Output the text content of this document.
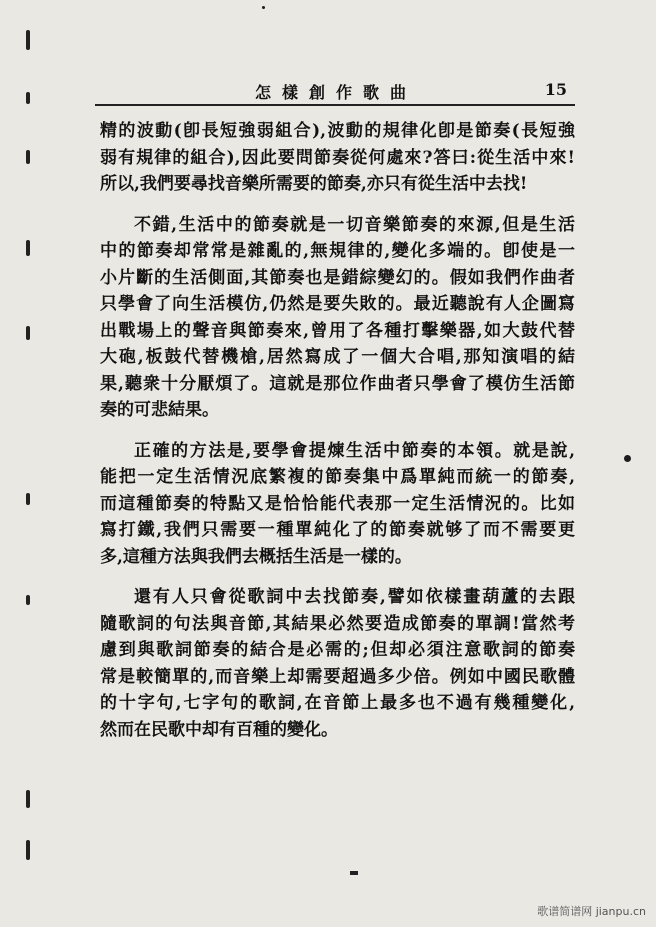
怎樣創作歌曲	15
精的波動(卽長短強弱組合),波動的規律化卽是節奏(長短強
弱有規律的組合),因此要問節奏從何處來?答曰:從生活中來!
所以,我們要尋找音樂所需要的節奏,亦只有從生活中去找!
不錯,生活中的節奏就是一切音樂節奏的來源,但是生活
中的節奏却常常是雜亂的,無規律的,變化多端的。卽使是一
小片斷的生活側面,其節奏也是錯綜變幻的。假如我們作曲者
只學會了向生活模仿,仍然是要失敗的。最近聽說有人企圖寫
出戰場上的聲音與節奏來,曾用了各種打擊樂器,如大鼓代替
大砲,板鼓代替機槍,居然寫成了一個大合唱,那知演唱的結
果,聽衆十分厭煩了。這就是那位作曲者只學會了模仿生活節
奏的可悲結果。
正確的方法是,要學會提煉生活中節奏的本領。就是說,
能把一定生活情況底繁複的節奏集中爲單純而統一的節奏,
而這種節奏的特點又是恰恰能代表那一定生活情況的。比如
寫打鐵,我們只需要一種單純化了的節奏就够了而不需要更
多,這種方法與我們去概括生活是一樣的。
還有人只會從歌詞中去找節奏,譬如依樣畫葫蘆的去跟
隨歌詞的句法與音節,其結果必然要造成節奏的單調!當然考
慮到與歌詞節奏的結合是必需的;但却必須注意歌詞的節奏
常是較簡單的,而音樂上却需要超過多少倍。例如中國民歌體
的十字句,七字句的歌詞,在音節上最多也不過有幾種變化,
然而在民歌中却有百種的變化。
歌谱简谱网 jianpu.cn
